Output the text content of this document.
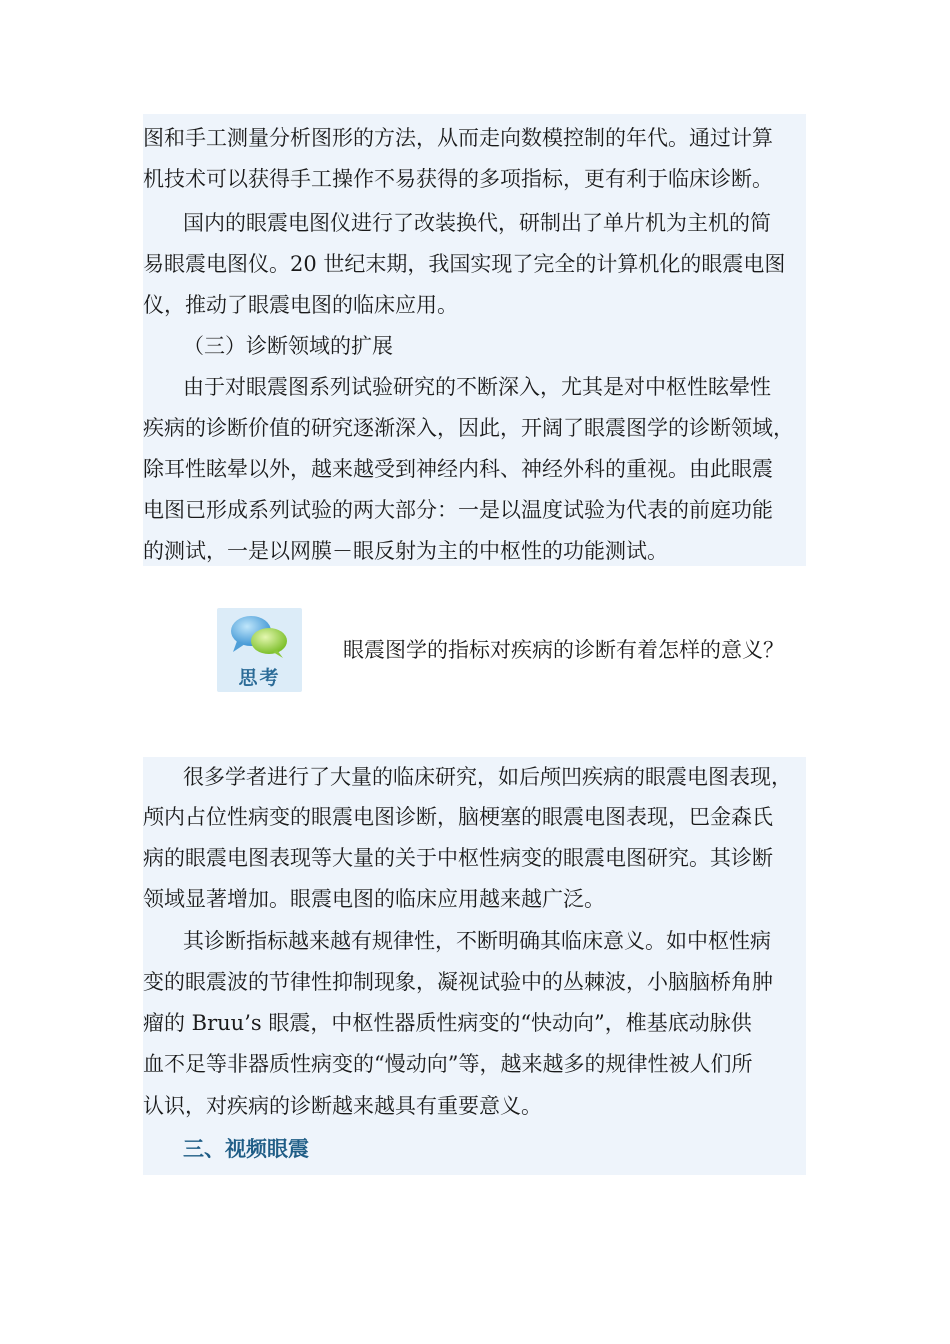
图和手工测量分析图形的方法，从而走向数模控制的年代。通过计算
机技术可以获得手工操作不易获得的多项指标，更有利于临床诊断。
国内的眼震电图仪进行了改装换代，研制出了单片机为主机的简
易眼震电图仪。20 世纪末期，我国实现了完全的计算机化的眼震电图
仪，推动了眼震电图的临床应用。
（三）诊断领域的扩展
由于对眼震图系列试验研究的不断深入，尤其是对中枢性眩晕性
疾病的诊断价值的研究逐渐深入，因此，开阔了眼震图学的诊断领域，
除耳性眩晕以外，越来越受到神经内科、神经外科的重视。由此眼震
电图已形成系列试验的两大部分：一是以温度试验为代表的前庭功能
的测试，一是以网膜－眼反射为主的中枢性的功能测试。
思考
眼震图学的指标对疾病的诊断有着怎样的意义？
很多学者进行了大量的临床研究，如后颅凹疾病的眼震电图表现，
颅内占位性病变的眼震电图诊断，脑梗塞的眼震电图表现，巴金森氏
病的眼震电图表现等大量的关于中枢性病变的眼震电图研究。其诊断
领域显著增加。眼震电图的临床应用越来越广泛。
其诊断指标越来越有规律性，不断明确其临床意义。如中枢性病
变的眼震波的节律性抑制现象，凝视试验中的丛棘波，小脑脑桥角肿
瘤的 Bruu’s 眼震，中枢性器质性病变的“快动向”，椎基底动脉供
血不足等非器质性病变的“慢动向”等，越来越多的规律性被人们所
认识，对疾病的诊断越来越具有重要意义。
三、视频眼震
